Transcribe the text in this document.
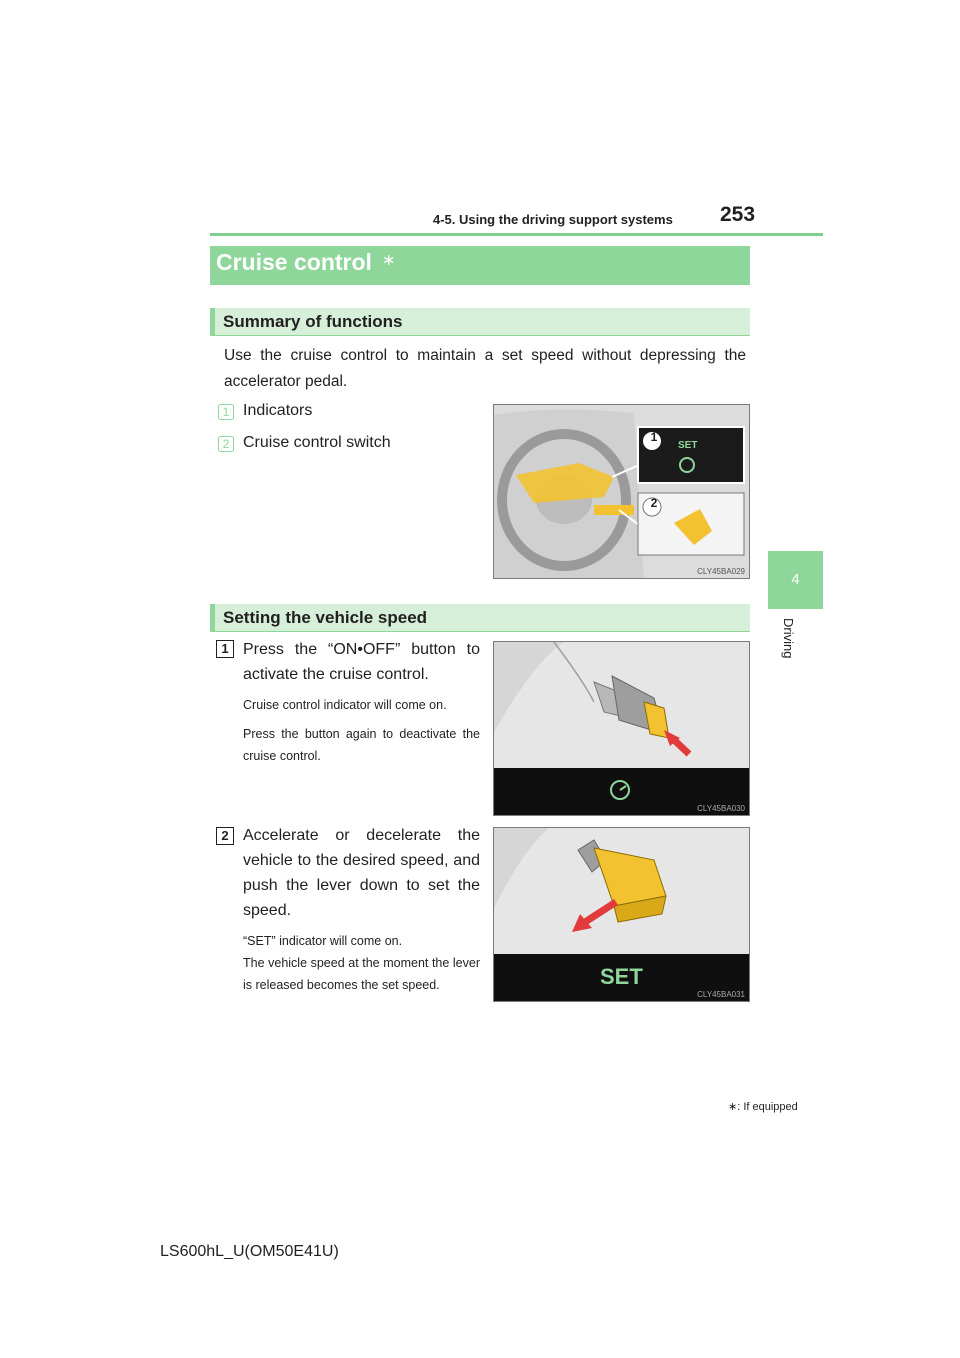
4-5. Using the driving support systems 253
4
Driving
Cruise control ∗
Summary of functions
Use the cruise control to maintain a set speed without depressing the accelerator pedal.
1 Indicators
2 Cruise control switch	1
2
SET
CLY45BA029
Setting the vehicle speed
1 Press the “ON•OFF” button to activate the cruise control.
Cruise control indicator will come on.
Press the button again to deactivate the cruise control.
CLY45BA030
2 Accelerate or decelerate the vehicle to the desired speed, and push the lever down to set the speed.
“SET” indicator will come on.
The vehicle speed at the moment the lever is released becomes the set speed.	SET
CLY45BA031
∗: If equipped
LS600hL_U(OM50E41U)
